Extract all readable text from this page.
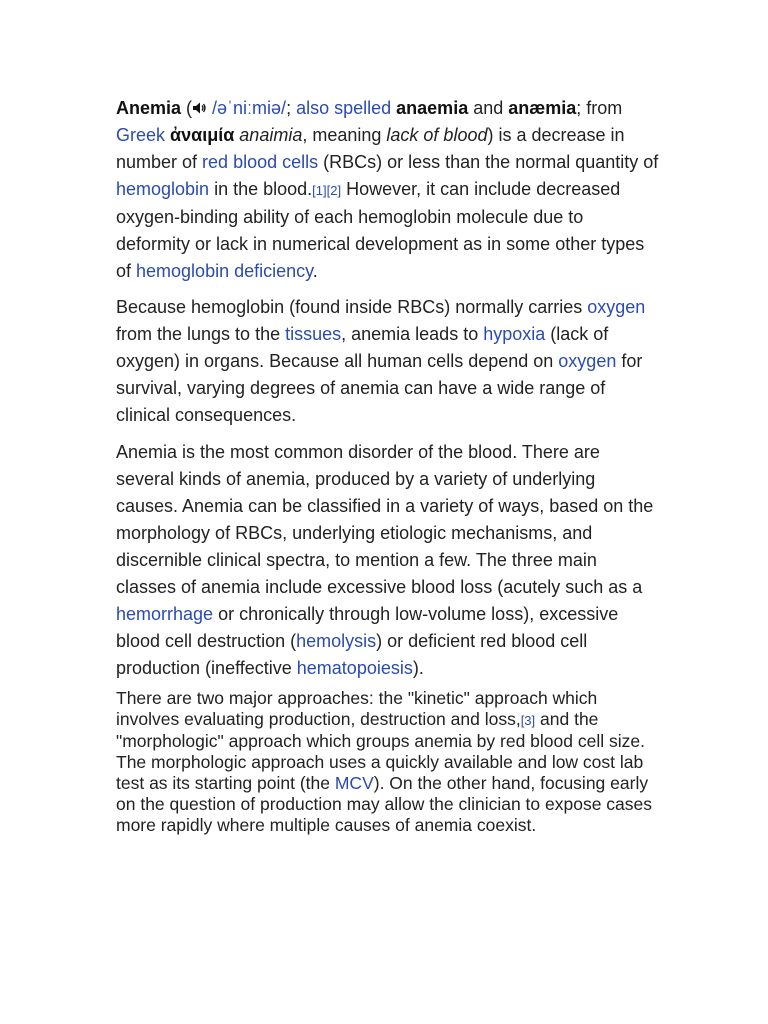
Anemia ( /əˈniːmiə/; also spelled anaemia and anæmia; from
Greek ἀναιμία anaimia, meaning lack of blood) is a decrease in number of red blood cells (RBCs) or less than the normal quantity of hemoglobin in the blood.[1][2] However, it can include decreased oxygen-binding ability of each hemoglobin molecule due to deformity or lack in numerical development as in some other types of hemoglobin deficiency.

Because hemoglobin (found inside RBCs) normally carries oxygen from the lungs to the tissues, anemia leads to hypoxia (lack of oxygen) in organs. Because all human cells depend on oxygen for survival, varying degrees of anemia can have a wide range of clinical consequences.

Anemia is the most common disorder of the blood. There are several kinds of anemia, produced by a variety of underlying causes. Anemia can be classified in a variety of ways, based on the morphology of RBCs, underlying etiologic mechanisms, and discernible clinical spectra, to mention a few. The three main classes of anemia include excessive blood loss (acutely such as a hemorrhage or chronically through low-volume loss), excessive blood cell destruction (hemolysis) or deficient red blood cell production (ineffective hematopoiesis).

There are two major approaches: the "kinetic" approach which involves evaluating production, destruction and loss,[3] and the "morphologic" approach which groups anemia by red blood cell size. The morphologic approach uses a quickly available and low cost lab test as its starting point (the MCV). On the other hand, focusing early on the question of production may allow the clinician to expose cases more rapidly where multiple causes of anemia coexist.
